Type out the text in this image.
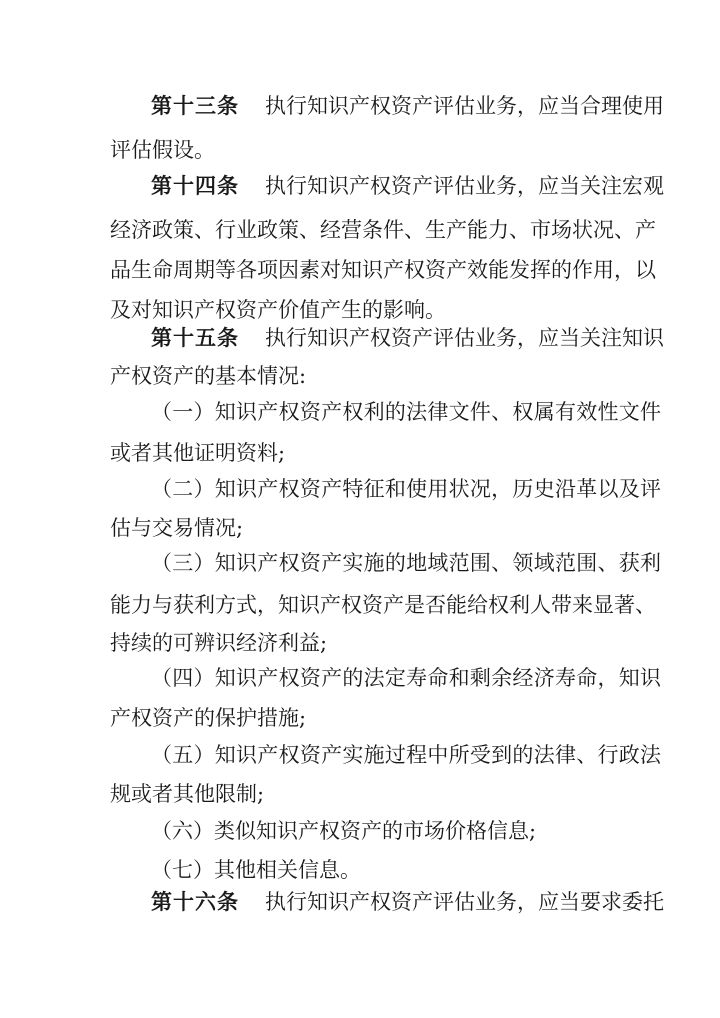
第十三条 执行知识产权资产评估业务，应当合理使用
评估假设。
第十四条 执行知识产权资产评估业务，应当关注宏观
经济政策、行业政策、经营条件、生产能力、市场状况、产
品生命周期等各项因素对知识产权资产效能发挥的作用，以
及对知识产权资产价值产生的影响。
第十五条 执行知识产权资产评估业务，应当关注知识
产权资产的基本情况:
（一）知识产权资产权利的法律文件、权属有效性文件
或者其他证明资料;
（二）知识产权资产特征和使用状况，历史沿革以及评
估与交易情况;
（三）知识产权资产实施的地域范围、领域范围、获利
能力与获利方式，知识产权资产是否能给权利人带来显著、
持续的可辨识经济利益;
（四）知识产权资产的法定寿命和剩余经济寿命，知识
产权资产的保护措施;
（五）知识产权资产实施过程中所受到的法律、行政法
规或者其他限制;
（六）类似知识产权资产的市场价格信息;
（七）其他相关信息。
第十六条 执行知识产权资产评估业务，应当要求委托
